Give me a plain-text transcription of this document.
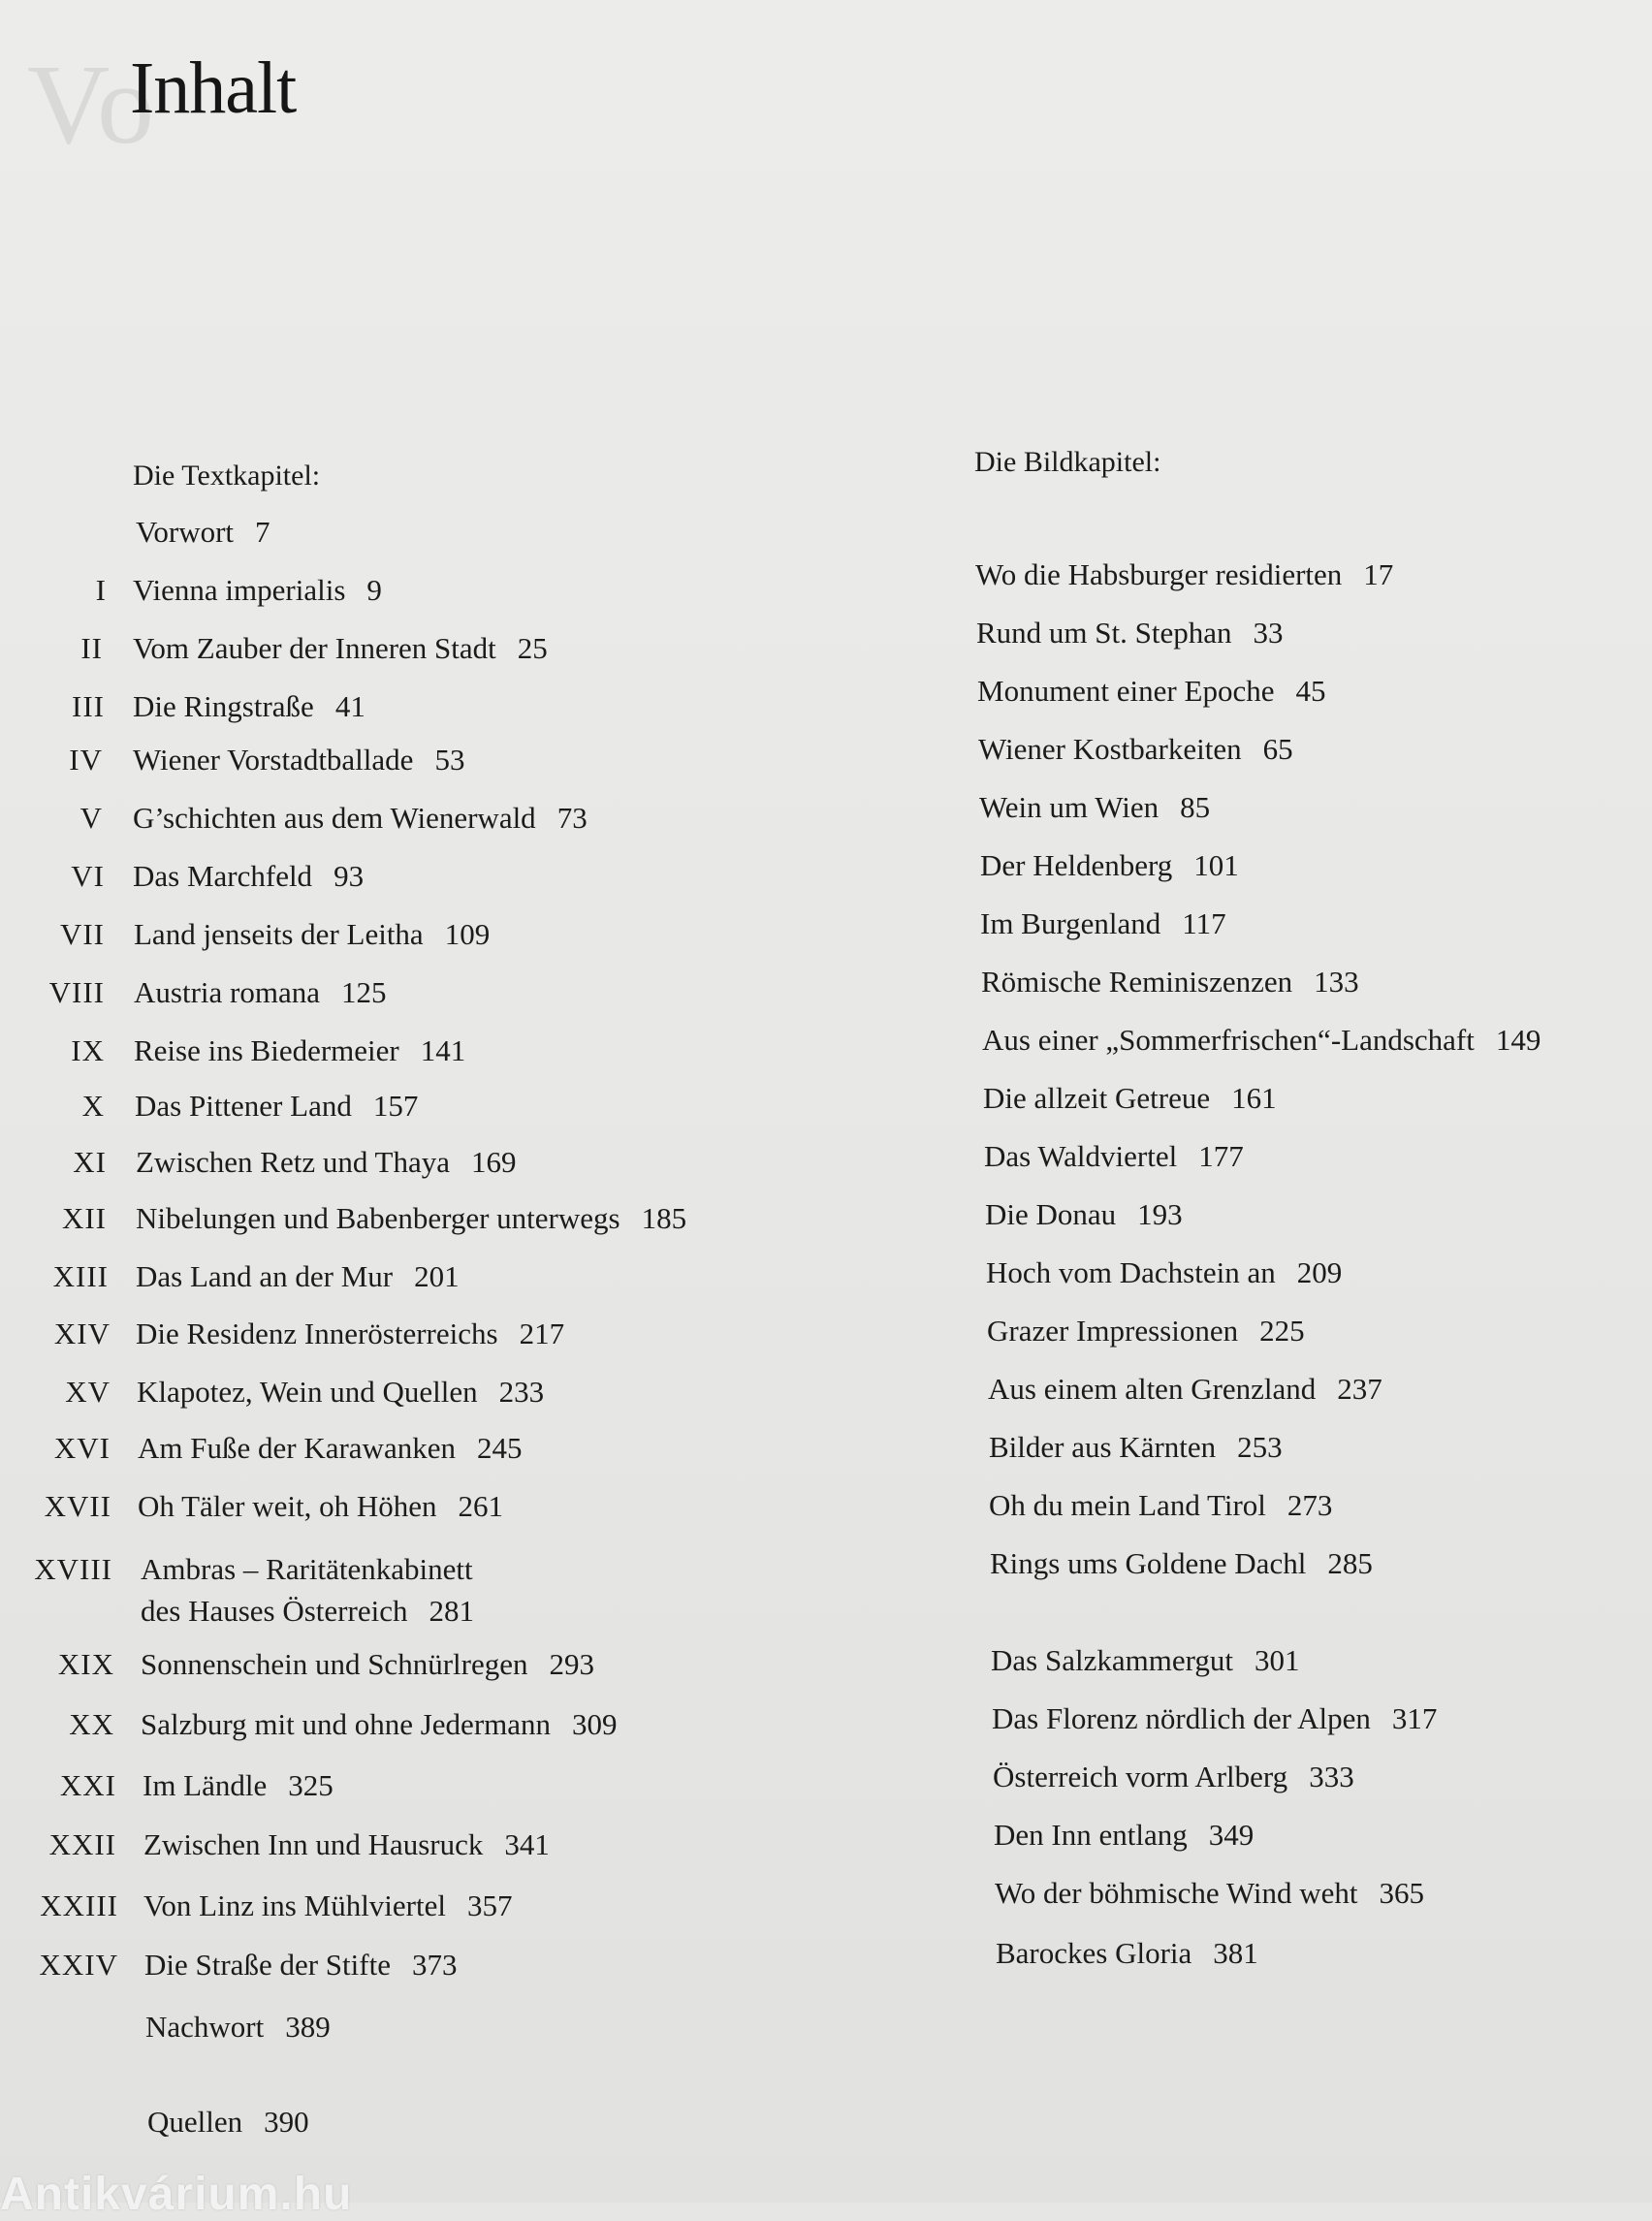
Vo
Inhalt
Die Textkapitel:	Die Bildkapitel:
Vorwort 7
I Vienna imperialis 9
II Vom Zauber der Inneren Stadt 25
III Die Ringstraße 41
IV Wiener Vorstadtballade 53
V G’schichten aus dem Wienerwald 73
VI Das Marchfeld 93
VII Land jenseits der Leitha 109
VIII Austria romana 125
IX Reise ins Biedermeier 141
X Das Pittener Land 157
XI Zwischen Retz und Thaya 169
XII Nibelungen und Babenberger unterwegs 185
XIII Das Land an der Mur 201
XIV Die Residenz Innerösterreichs 217
XV Klapotez, Wein und Quellen 233
XVI Am Fuße der Karawanken 245
XVII Oh Täler weit, oh Höhen 261
XVIII Ambras – Raritätenkabinett
des Hauses Österreich 281
XIX Sonnenschein und Schnürlregen 293
XX Salzburg mit und ohne Jedermann 309
XXI Im Ländle 325
XXII Zwischen Inn und Hausruck 341
XXIII Von Linz ins Mühlviertel 357
XXIV Die Straße der Stifte 373
Nachwort 389
Quellen 390
Wo die Habsburger residierten 17
Rund um St. Stephan 33
Monument einer Epoche 45
Wiener Kostbarkeiten 65
Wein um Wien 85
Der Heldenberg 101
Im Burgenland 117
Römische Reminiszenzen 133
Aus einer „Sommerfrischen“-Landschaft 149
Die allzeit Getreue 161
Das Waldviertel 177
Die Donau 193
Hoch vom Dachstein an 209
Grazer Impressionen 225
Aus einem alten Grenzland 237
Bilder aus Kärnten 253
Oh du mein Land Tirol 273
Rings ums Goldene Dachl 285
Das Salzkammergut 301
Das Florenz nördlich der Alpen 317
Österreich vorm Arlberg 333
Den Inn entlang 349
Wo der böhmische Wind weht 365
Barockes Gloria 381
Antikvárium.hu
